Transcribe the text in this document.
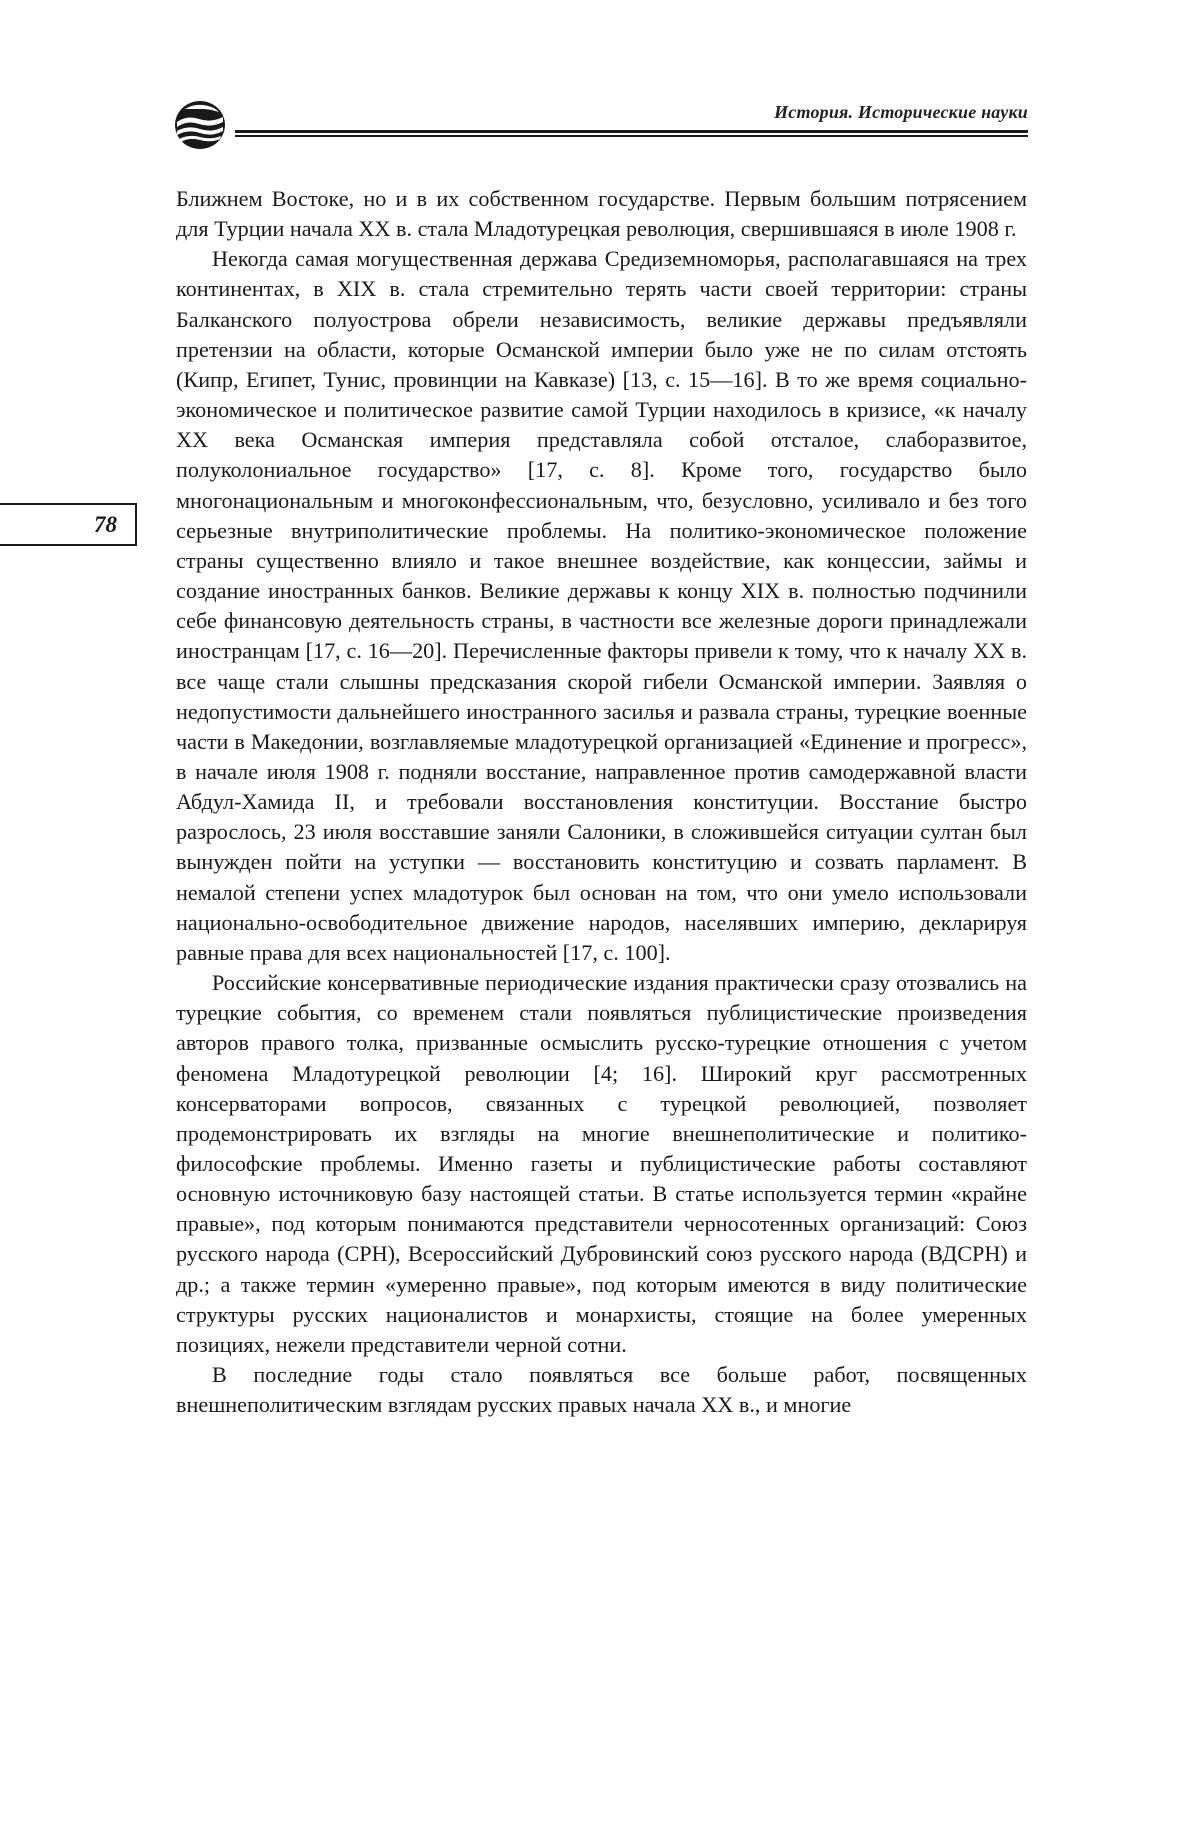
История. Исторические науки
78

Ближнем Востоке, но и в их собственном государстве. Первым большим потрясением для Турции начала XX в. стала Младотурецкая революция, свершившаяся в июле 1908 г.

Некогда самая могущественная держава Средиземноморья, располагавшаяся на трех континентах, в XIX в. стала стремительно терять части своей территории: страны Балканского полуострова обрели независимость, великие державы предъявляли претензии на области, которые Османской империи было уже не по силам отстоять (Кипр, Египет, Тунис, провинции на Кавказе) [13, с. 15—16]. В то же время социально-экономическое и политическое развитие самой Турции находилось в кризисе, «к началу XX века Османская империя представляла собой отсталое, слаборазвитое, полуколониальное государство» [17, с. 8]. Кроме того, государство было многонациональным и многоконфессиональным, что, безусловно, усиливало и без того серьезные внутриполитические проблемы. На политико-экономическое положение страны существенно влияло и такое внешнее воздействие, как концессии, займы и создание иностранных банков. Великие державы к концу XIX в. полностью подчинили себе финансовую деятельность страны, в частности все железные дороги принадлежали иностранцам [17, с. 16—20]. Перечисленные факторы привели к тому, что к началу XX в. все чаще стали слышны предсказания скорой гибели Османской империи. Заявляя о недопустимости дальнейшего иностранного засилья и развала страны, турецкие военные части в Македонии, возглавляемые младотурецкой организацией «Единение и прогресс», в начале июля 1908 г. подняли восстание, направленное против самодержавной власти Абдул-Хамида II, и требовали восстановления конституции. Восстание быстро разрослось, 23 июля восставшие заняли Салоники, в сложившейся ситуации султан был вынужден пойти на уступки — восстановить конституцию и созвать парламент. В немалой степени успех младотурок был основан на том, что они умело использовали национально-освободительное движение народов, населявших империю, декларируя равные права для всех национальностей [17, с. 100].

Российские консервативные периодические издания практически сразу отозвались на турецкие события, со временем стали появляться публицистические произведения авторов правого толка, призванные осмыслить русско-турецкие отношения с учетом феномена Младотурецкой революции [4; 16]. Широкий круг рассмотренных консерваторами вопросов, связанных с турецкой революцией, позволяет продемонстрировать их взгляды на многие внешнеполитические и политико-философские проблемы. Именно газеты и публицистические работы составляют основную источниковую базу настоящей статьи. В статье используется термин «крайне правые», под которым понимаются представители черносотенных организаций: Союз русского народа (СРН), Всероссийский Дубровинский союз русского народа (ВДСРН) и др.; а также термин «умеренно правые», под которым имеются в виду политические структуры русских националистов и монархисты, стоящие на более умеренных позициях, нежели представители черной сотни.

В последние годы стало появляться все больше работ, посвященных внешнеполитическим взглядам русских правых начала XX в., и многие
